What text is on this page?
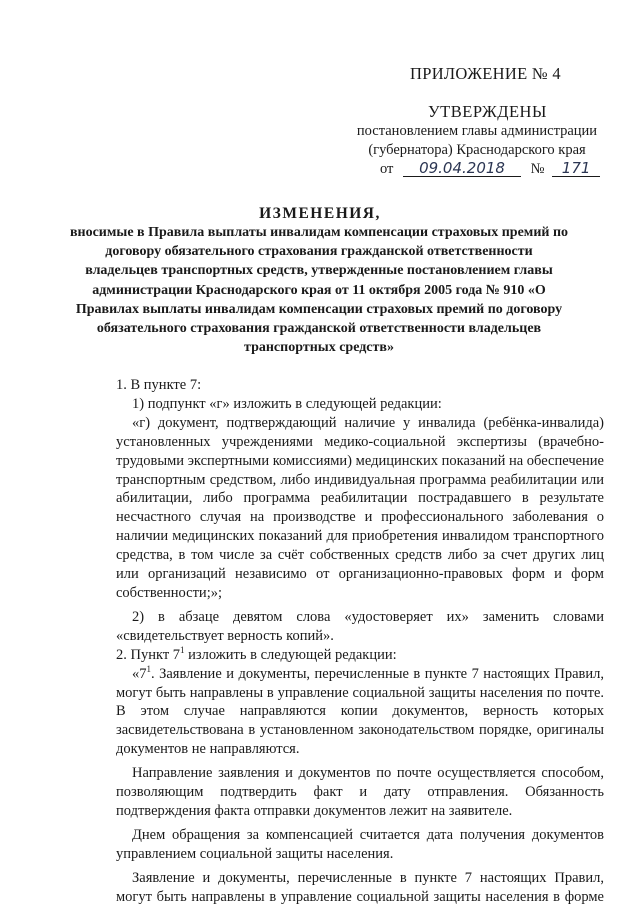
ПРИЛОЖЕНИЕ № 4
УТВЕРЖДЕНЫ
постановлением главы администрации
(губернатора) Краснодарского края
от 09.04.2018 № 171
ИЗМЕНЕНИЯ,
вносимые в Правила выплаты инвалидам компенсации страховых премий по договору обязательного страхования гражданской ответственности владельцев транспортных средств, утвержденные постановлением главы администрации Краснодарского края от 11 октября 2005 года № 910 «О Правилах выплаты инвалидам компенсации страховых премий по договору обязательного страхования гражданской ответственности владельцев транспортных средств»

1. В пункте 7:

1) подпункт «г» изложить в следующей редакции:

«г) документ, подтверждающий наличие у инвалида (ребёнка-инвалида) установленных учреждениями медико-социальной экспертизы (врачебно-трудовыми экспертными комиссиями) медицинских показаний на обеспечение транспортным средством, либо индивидуальная программа реабилитации или абилитации, либо программа реабилитации пострадавшего в результате несчастного случая на производстве и профессионального заболевания о наличии медицинских показаний для приобретения инвалидом транспортного средства, в том числе за счёт собственных средств либо за счет других лиц или организаций независимо от организационно-правовых форм и форм собственности;»;

2) в абзаце девятом слова «удостоверяет их» заменить словами «свидетельствует верность копий».

2. Пункт $7^1$ изложить в следующей редакции:

«$7^1$. Заявление и документы, перечисленные в пункте 7 настоящих Правил, могут быть направлены в управление социальной защиты населения по почте. В этом случае направляются копии документов, верность которых засвидетельствована в установленном законодательством порядке, оригиналы документов не направляются.

Направление заявления и документов по почте осуществляется способом, позволяющим подтвердить факт и дату отправления. Обязанность подтверждения факта отправки документов лежит на заявителе.

Днем обращения за компенсацией считается дата получения документов управлением социальной защиты населения.

Заявление и документы, перечисленные в пункте 7 настоящих Правил, могут быть направлены в управление социальной защиты населения в форме
